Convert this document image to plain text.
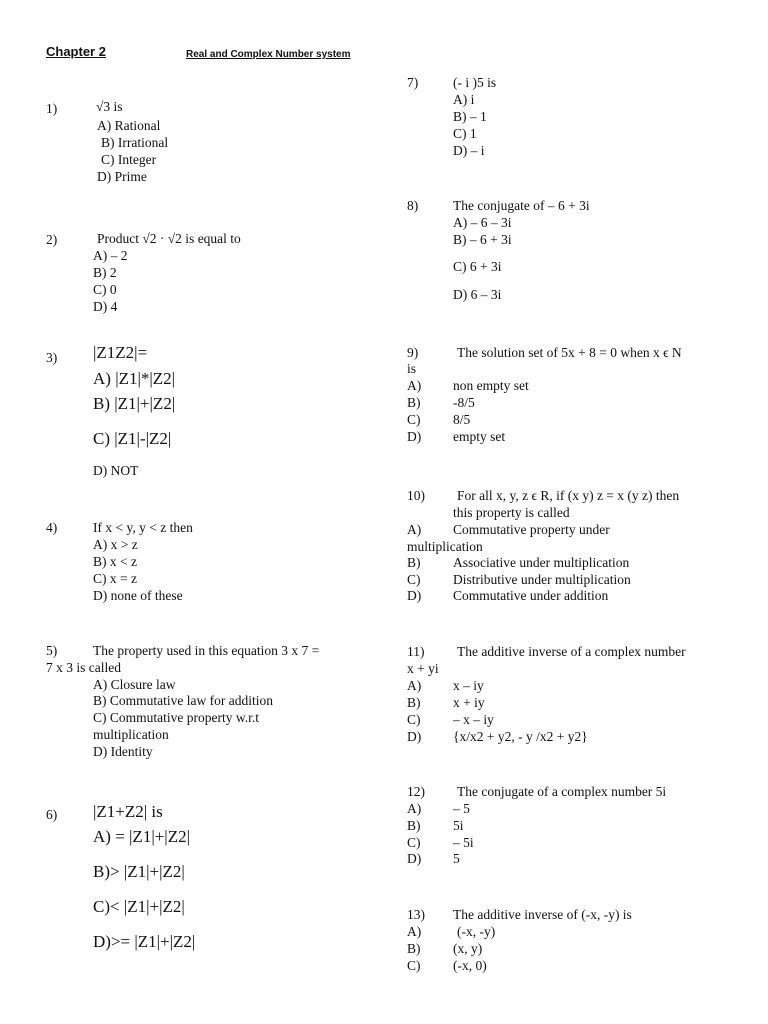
Chapter 2	Real and Complex Number system
1)	√3 is
A) Rational
B) Irrational
C) Integer
D) Prime
2)	Product √2 · √2 is equal to
A) – 2
B) 2
C) 0
D) 4
3) |Z1Z2|=
A) |Z1|*|Z2|
B) |Z1|+|Z2|
C) |Z1|-|Z2|
D) NOT
4)	If x < y, y < z then
A) x > z
B) x < z
C) x = z
D) none of these
5)	The property used in this equation 3 x 7 =
7 x 3 is called
A) Closure law
B) Commutative law for addition
C) Commutative property w.r.t
multiplication
D) Identity
6) |Z1+Z2| is
A) = |Z1|+|Z2|
B)> |Z1|+|Z2|
C)< |Z1|+|Z2|
D)>= |Z1|+|Z2|
7)	(- i )5 is
A) i
B) – 1
C) 1
D) – i
8)	The conjugate of – 6 + 3i
A) – 6 – 3i
B) – 6 + 3i
C) 6 + 3i
D) 6 – 3i
9)	The solution set of 5x + 8 = 0 when x ϵ N
is
A) non empty set
B) -8/5
C) 8/5
D) empty set
10) For all x, y, z ϵ R, if (x y) z = x (y z) then
this property is called
A) Commutative property under
multiplication
B) Associative under multiplication
C) Distributive under multiplication
D) Commutative under addition
11) The additive inverse of a complex number
x + yi
A) x – iy
B) x + iy
C) – x – iy
D) {x/x2 + y2, - y /x2 + y2}
12) The conjugate of a complex number 5i
A) – 5
B) 5i
C) – 5i
D) 5
13) The additive inverse of (-x, -y) is
A)	(-x, -y)
B) (x, y)
C) (-x, 0)
